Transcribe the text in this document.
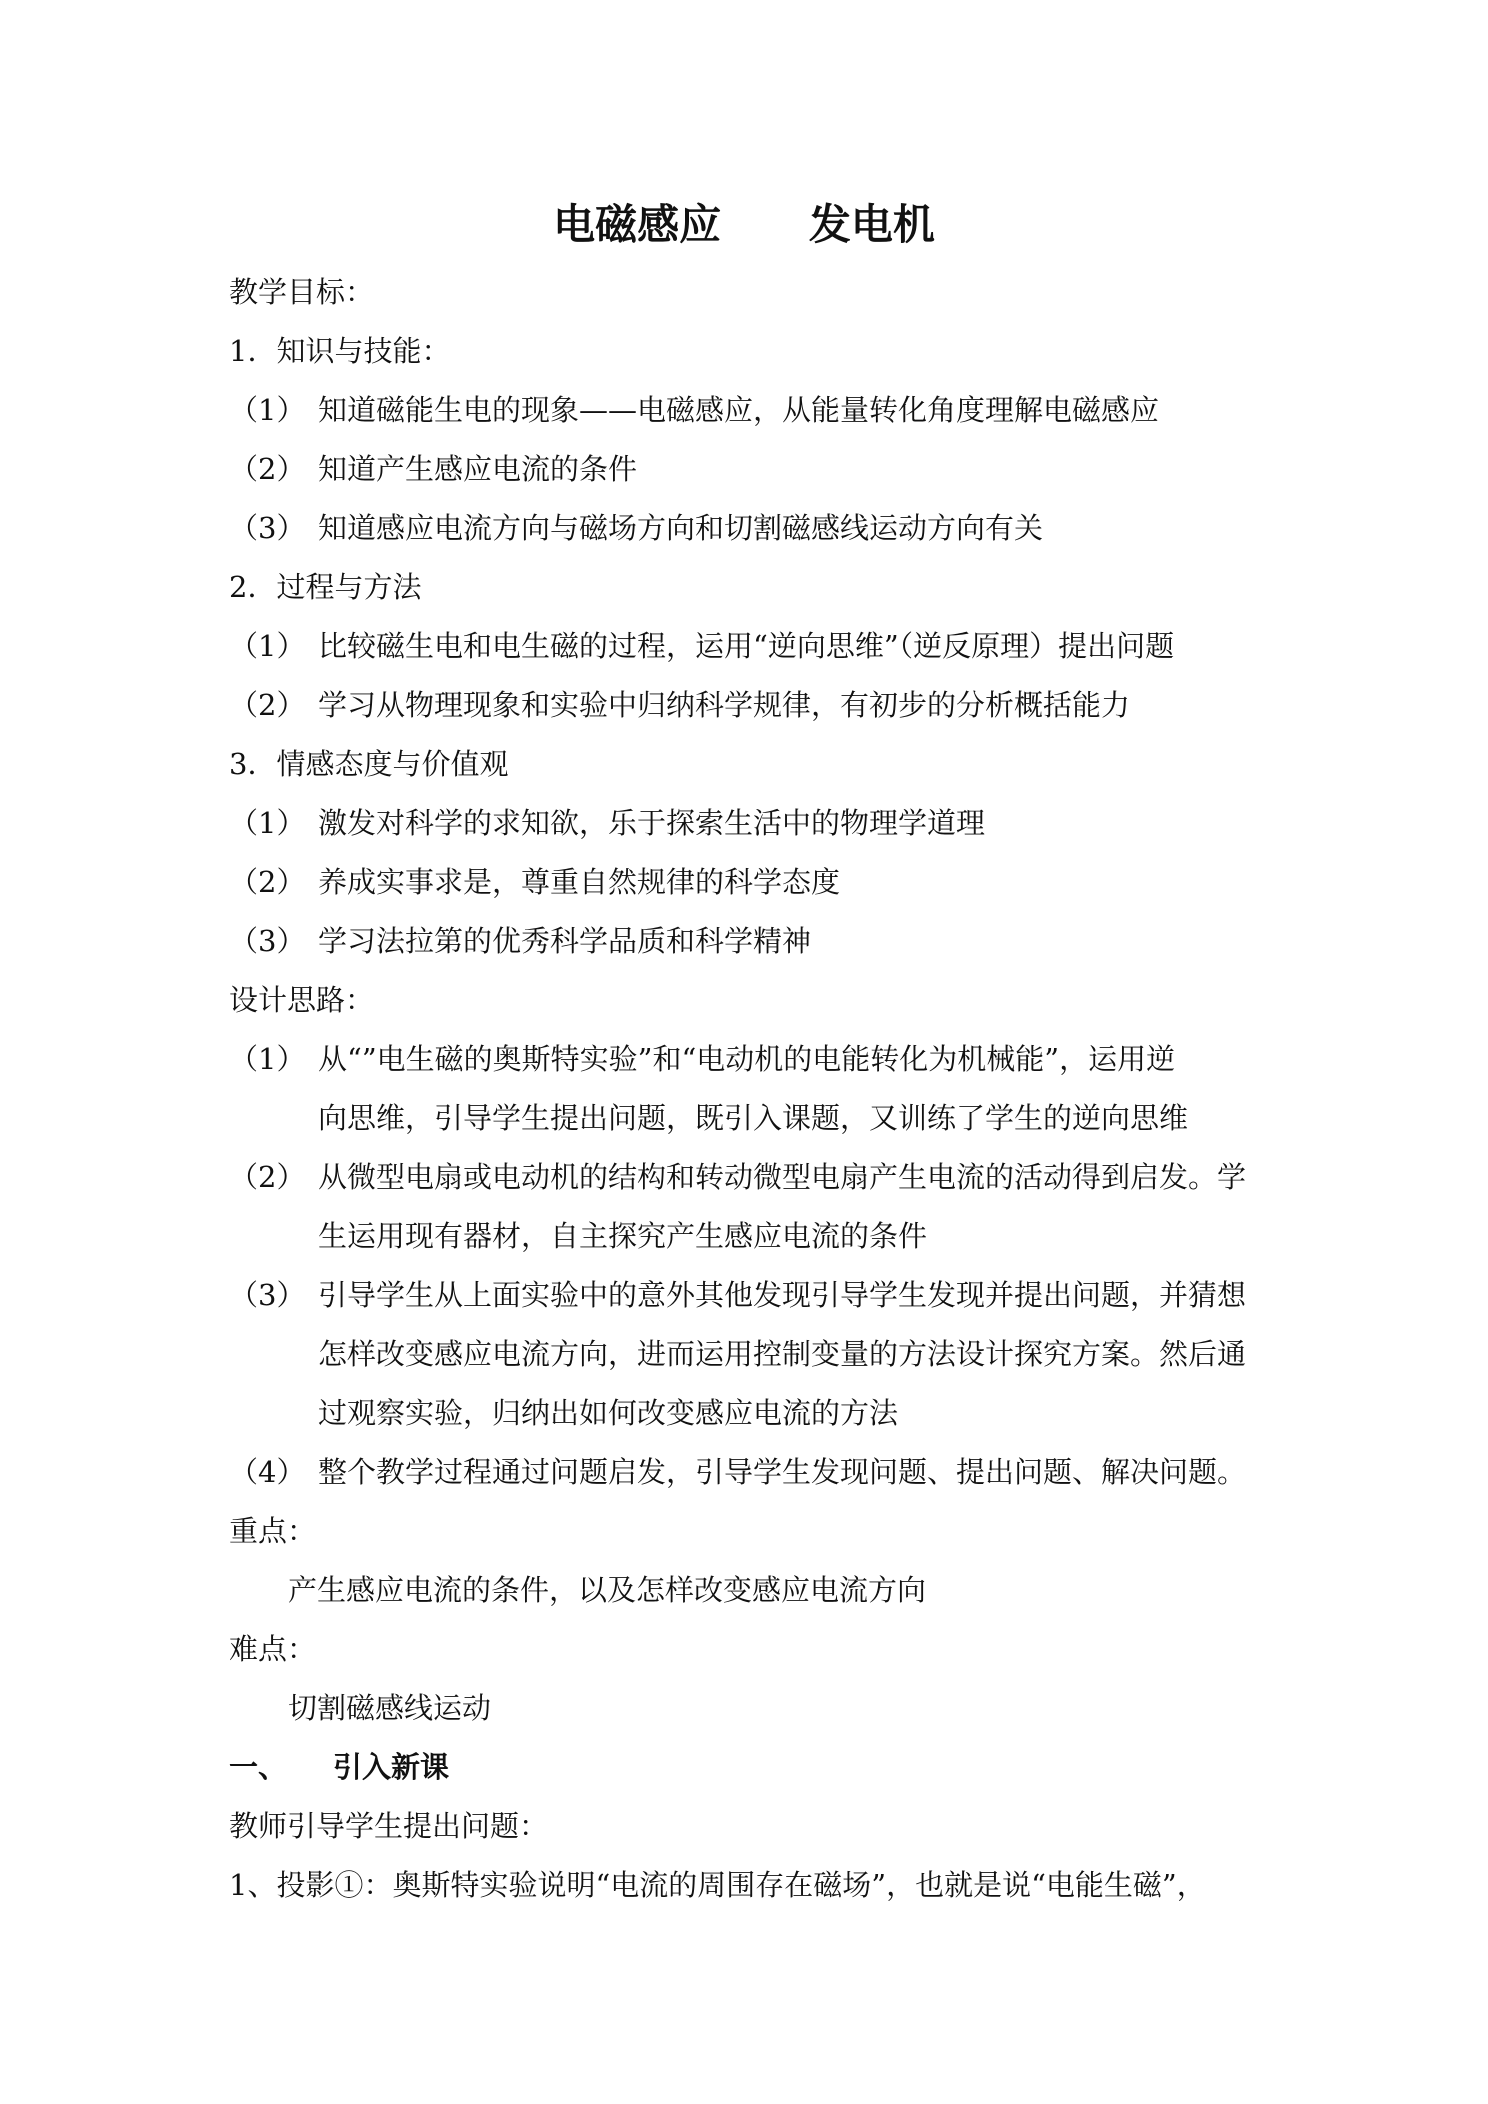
电磁感应      发电机
教学目标：
1．知识与技能：
（1） 知道磁能生电的现象——电磁感应，从能量转化角度理解电磁感应
（2） 知道产生感应电流的条件
（3） 知道感应电流方向与磁场方向和切割磁感线运动方向有关
2．过程与方法
（1） 比较磁生电和电生磁的过程，运用“逆向思维”（逆反原理）提出问题
（2） 学习从物理现象和实验中归纳科学规律，有初步的分析概括能力
3．情感态度与价值观
（1） 激发对科学的求知欲，乐于探索生活中的物理学道理
（2） 养成实事求是，尊重自然规律的科学态度
（3） 学习法拉第的优秀科学品质和科学精神
设计思路：
（1） 从“”电生磁的奥斯特实验”和“电动机的电能转化为机械能”，运用逆
向思维，引导学生提出问题，既引入课题，又训练了学生的逆向思维
（2） 从微型电扇或电动机的结构和转动微型电扇产生电流的活动得到启发。学
生运用现有器材，自主探究产生感应电流的条件
（3） 引导学生从上面实验中的意外其他发现引导学生发现并提出问题，并猜想
怎样改变感应电流方向，进而运用控制变量的方法设计探究方案。然后通
过观察实验，归纳出如何改变感应电流的方法
（4） 整个教学过程通过问题启发，引导学生发现问题、提出问题、解决问题。
重点：
产生感应电流的条件，以及怎样改变感应电流方向
难点：
切割磁感线运动
一、 引入新课
教师引导学生提出问题：
1、投影①：奥斯特实验说明“电流的周围存在磁场”，也就是说“电能生磁”，
